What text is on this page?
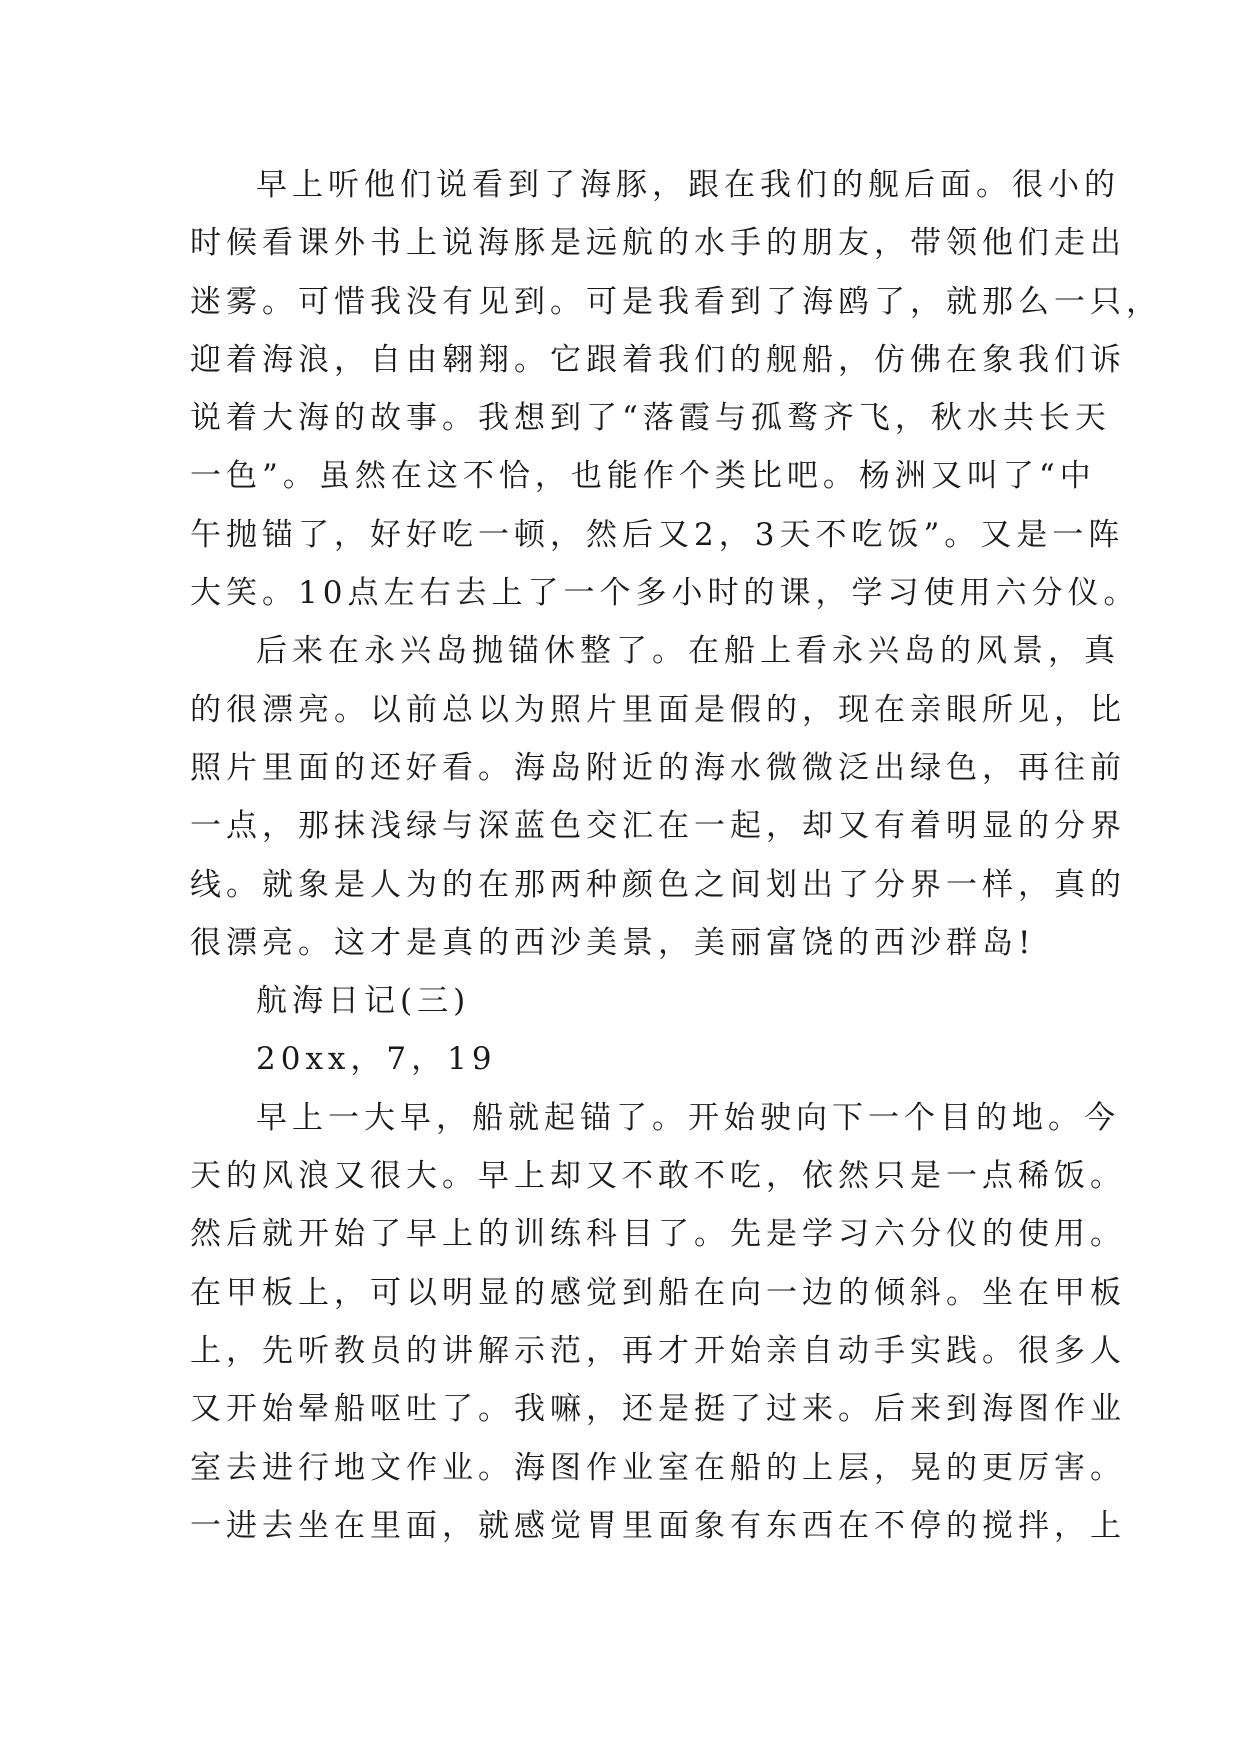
早上听他们说看到了海豚，跟在我们的舰后面。很小的
时候看课外书上说海豚是远航的水手的朋友，带领他们走出
迷雾。可惜我没有见到。可是我看到了海鸥了，就那么一只，
迎着海浪，自由翱翔。它跟着我们的舰船，仿佛在象我们诉
说着大海的故事。我想到了“落霞与孤鹜齐飞，秋水共长天
一色”。虽然在这不恰，也能作个类比吧。杨洲又叫了“中
午抛锚了，好好吃一顿，然后又2，3天不吃饭”。又是一阵
大笑。10点左右去上了一个多小时的课，学习使用六分仪。
后来在永兴岛抛锚休整了。在船上看永兴岛的风景，真
的很漂亮。以前总以为照片里面是假的，现在亲眼所见，比
照片里面的还好看。海岛附近的海水微微泛出绿色，再往前
一点，那抹浅绿与深蓝色交汇在一起，却又有着明显的分界
线。就象是人为的在那两种颜色之间划出了分界一样，真的
很漂亮。这才是真的西沙美景，美丽富饶的西沙群岛!
航海日记(三)
20xx，7，19
早上一大早，船就起锚了。开始驶向下一个目的地。今
天的风浪又很大。早上却又不敢不吃，依然只是一点稀饭。
然后就开始了早上的训练科目了。先是学习六分仪的使用。
在甲板上，可以明显的感觉到船在向一边的倾斜。坐在甲板
上，先听教员的讲解示范，再才开始亲自动手实践。很多人
又开始晕船呕吐了。我嘛，还是挺了过来。后来到海图作业
室去进行地文作业。海图作业室在船的上层，晃的更厉害。
一进去坐在里面，就感觉胃里面象有东西在不停的搅拌，上
